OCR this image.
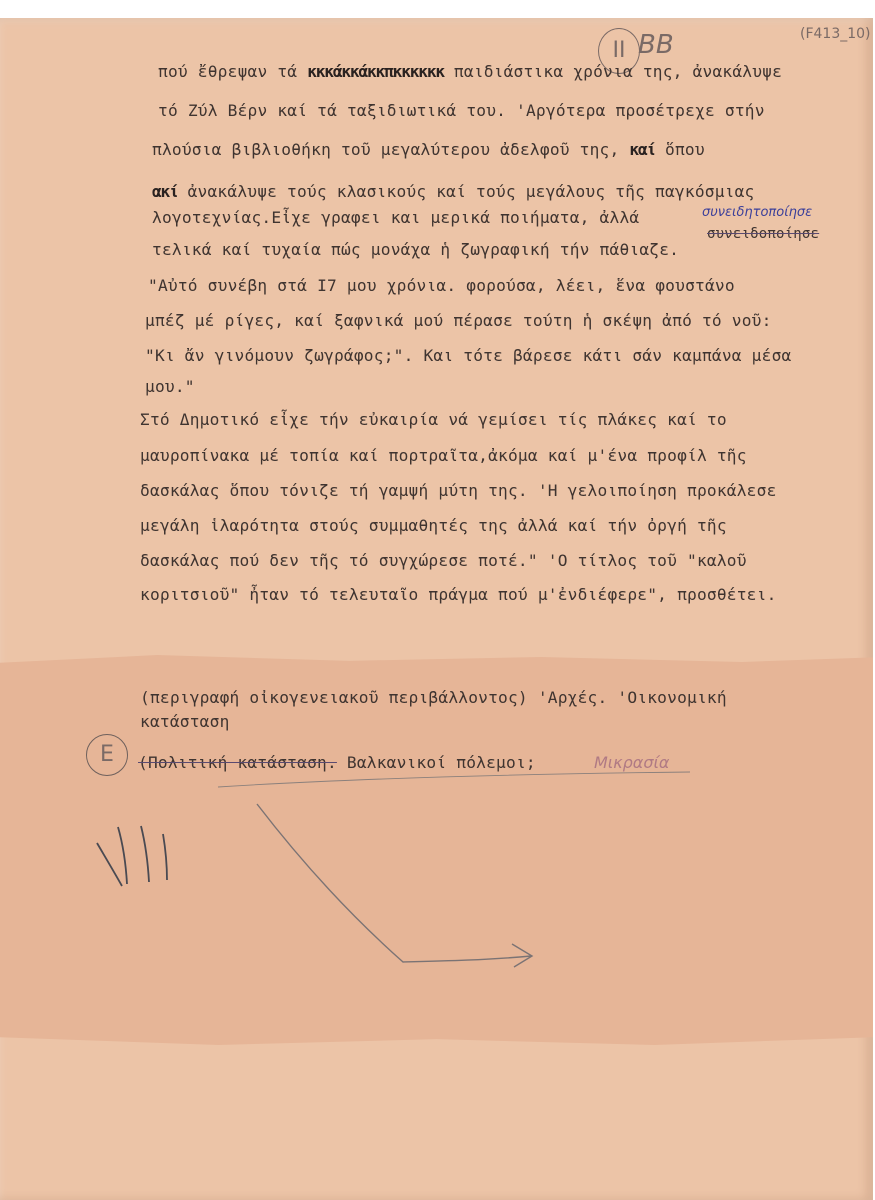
II ΒΒ	(F413_10)
πού ἔθρεψαν τά κκκάκκάκκπκκκκκκ παιδιάστικα χρόνια της, ἀνακάλυψε
τό Ζύλ Βέρν καί τά ταξιδιωτικά του. 'Αργότερα προσέτρεχε στήν
πλούσια βιβλιοθήκη τοῦ μεγαλύτερου ἀδελφοῦ της, καί ὅπου
ακί ἀνακάλυψε τούς κλασικούς καί τούς μεγάλους τῆς παγκόσμιας
λογοτεχνίας.Εἶχε γραφει και μερικά ποιήματα, ἀλλά	συνειδητοποίησε
τελικά καί τυχαία πώς μονάχα ἡ ζωγραφική τήν πάθιαζε.
συνειδοποίησε
"Αὐτό συνέβη στά Ι7 μου χρόνια. φορούσα, λέει, ἕνα φουστάνο
μπέζ μέ ρίγες, καί ξαφνικά μού πέρασε τούτη ἡ σκέψη ἀπό τό νοῦ:
"Κι ἄν γινόμουν ζωγράφος;". Και τότε βάρεσε κάτι σάν καμπάνα μέσα
μου."
Στό Δημοτικό εἶχε τήν εὐκαιρία νά γεμίσει τίς πλάκες καί το
μαυροπίνακα μέ τοπία καί πορτραῖτα,ἀκόμα καί μ'ένα προφίλ τῆς
δασκάλας ὅπου τόνιζε τή γαμψή μύτη της. 'Η γελοιποίηση προκάλεσε
μεγάλη ἱλαρότητα στούς συμμαθητές της ἀλλά καί τήν ὀργή τῆς
δασκάλας πού δεν τῆς τό συγχώρεσε ποτέ." 'Ο τίτλος τοῦ "καλοῦ
κοριτσιοῦ" ἦταν τό τελευταῖο πράγμα πού μ'ἐνδιέφερε", προσθέτει.
(περιγραφή οἰκογενειακοῦ περιβάλλοντος) 'Αρχές. 'Οικονομική
κατάσταση
E	(Πολιτική κατάσταση. Βαλκανικοί πόλεμοι;	Μικρασία
